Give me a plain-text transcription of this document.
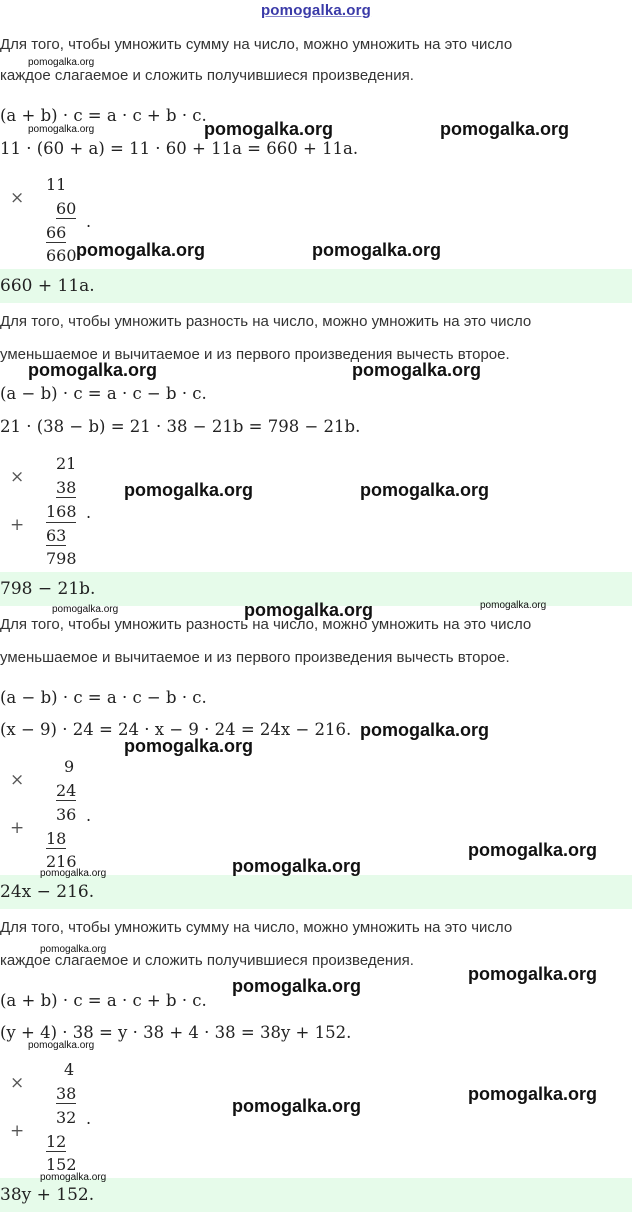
pomogalka.org
Для того, чтобы умножить сумму на число, можно умножить на это число
каждое слагаемое и сложить получившиеся произведения.
(a + b) · c = a · c + b · c.
11 · (60 + a) = 11 · 60 + 11a = 660 + 11a.
×
11
60
66
660
.
660 + 11a.
Для того, чтобы умножить разность на число, можно умножить на это число
уменьшаемое и вычитаемое и из первого произведения вычесть второе.
(a − b) · c = a · c − b · c.
21 · (38 − b) = 21 · 38 − 21b = 798 − 21b.
×
+
21
38
168
63
798
.
798 − 21b.
Для того, чтобы умножить разность на число, можно умножить на это число
уменьшаемое и вычитаемое и из первого произведения вычесть второе.
(a − b) · c = a · c − b · c.
(x − 9) · 24 = 24 · x − 9 · 24 = 24x − 216.
×
+
9
24
36
18
216
.
24x − 216.
Для того, чтобы умножить сумму на число, можно умножить на это число
каждое слагаемое и сложить получившиеся произведения.
(a + b) · c = a · c + b · c.
(y + 4) · 38 = y · 38 + 4 · 38 = 38y + 152.
×
+
4
38
32
12
152
.
38y + 152.
pomogalka.org
pomogalka.org	pomogalka.org	pomogalka.org
pomogalka.org	pomogalka.org
pomogalka.org	pomogalka.org
pomogalka.org	pomogalka.org
pomogalka.org	pomogalka.org	pomogalka.org
pomogalka.org
pomogalka.org
pomogalka.org
pomogalka.org
pomogalka.org
pomogalka.org
pomogalka.org
pomogalka.org
pomogalka.org
pomogalka.org
pomogalka.org
pomogalka.org
